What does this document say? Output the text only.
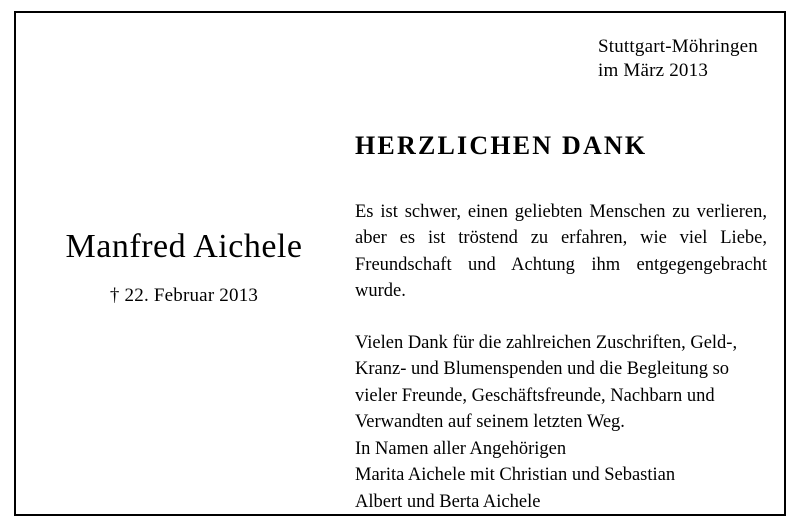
Stuttgart-Möhringen
im März 2013
Manfred Aichele
† 22. Februar 2013
HERZLICHEN DANK

Es ist schwer, einen geliebten Menschen zu verlieren, aber es ist tröstend zu erfahren, wie viel Liebe, Freundschaft und Achtung ihm entgegengebracht wurde.

Vielen Dank für die zahlreichen Zuschriften, Geld-, Kranz- und Blumenspenden und die Begleitung so vieler Freunde, Geschäftsfreunde, Nachbarn und Verwandten auf seinem letzten Weg.

In Namen aller Angehörigen
Marita Aichele mit Christian und Sebastian
Albert und Berta Aichele
